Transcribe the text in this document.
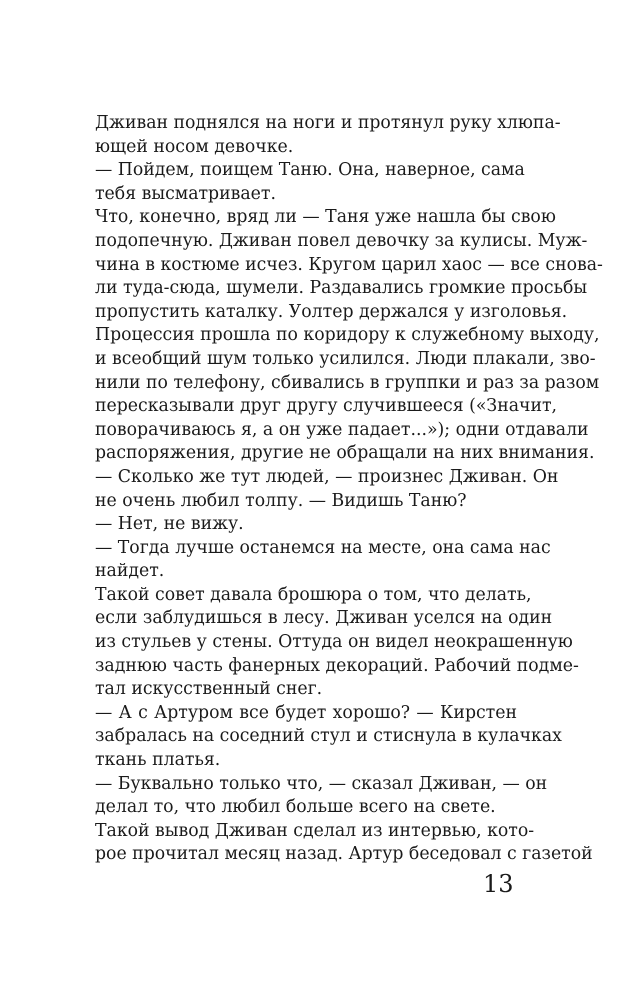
Дживан поднялся на ноги и протянул руку хлюпа-
ющей носом девочке.

— Пойдем, поищем Таню. Она, наверное, сама
тебя высматривает.

Что, конечно, вряд ли — Таня уже нашла бы свою
подопечную. Дживан повел девочку за кулисы. Муж-
чина в костюме исчез. Кругом царил хаос — все снова-
ли туда-сюда, шумели. Раздавались громкие просьбы
пропустить каталку. Уолтер держался у изголовья.
Процессия прошла по коридору к служебному выходу,
и всеобщий шум только усилился. Люди плакали, зво-
нили по телефону, сбивались в группки и раз за разом
пересказывали друг другу случившееся («Значит,
поворачиваюсь я, а он уже падает...»); одни отдавали
распоряжения, другие не обращали на них внимания.

— Сколько же тут людей, — произнес Дживан. Он
не очень любил толпу. — Видишь Таню?

— Нет, не вижу.

— Тогда лучше останемся на месте, она сама нас
найдет.

Такой совет давала брошюра о том, что делать,
если заблудишься в лесу. Дживан уселся на один
из стульев у стены. Оттуда он видел неокрашенную
заднюю часть фанерных декораций. Рабочий подме-
тал искусственный снег.

— А с Артуром все будет хорошо? — Кирстен
забралась на соседний стул и стиснула в кулачках
ткань платья.

— Буквально только что, — сказал Дживан, — он
делал то, что любил больше всего на свете.

Такой вывод Дживан сделал из интервью, кото-
рое прочитал месяц назад. Артур беседовал с газетой

13
